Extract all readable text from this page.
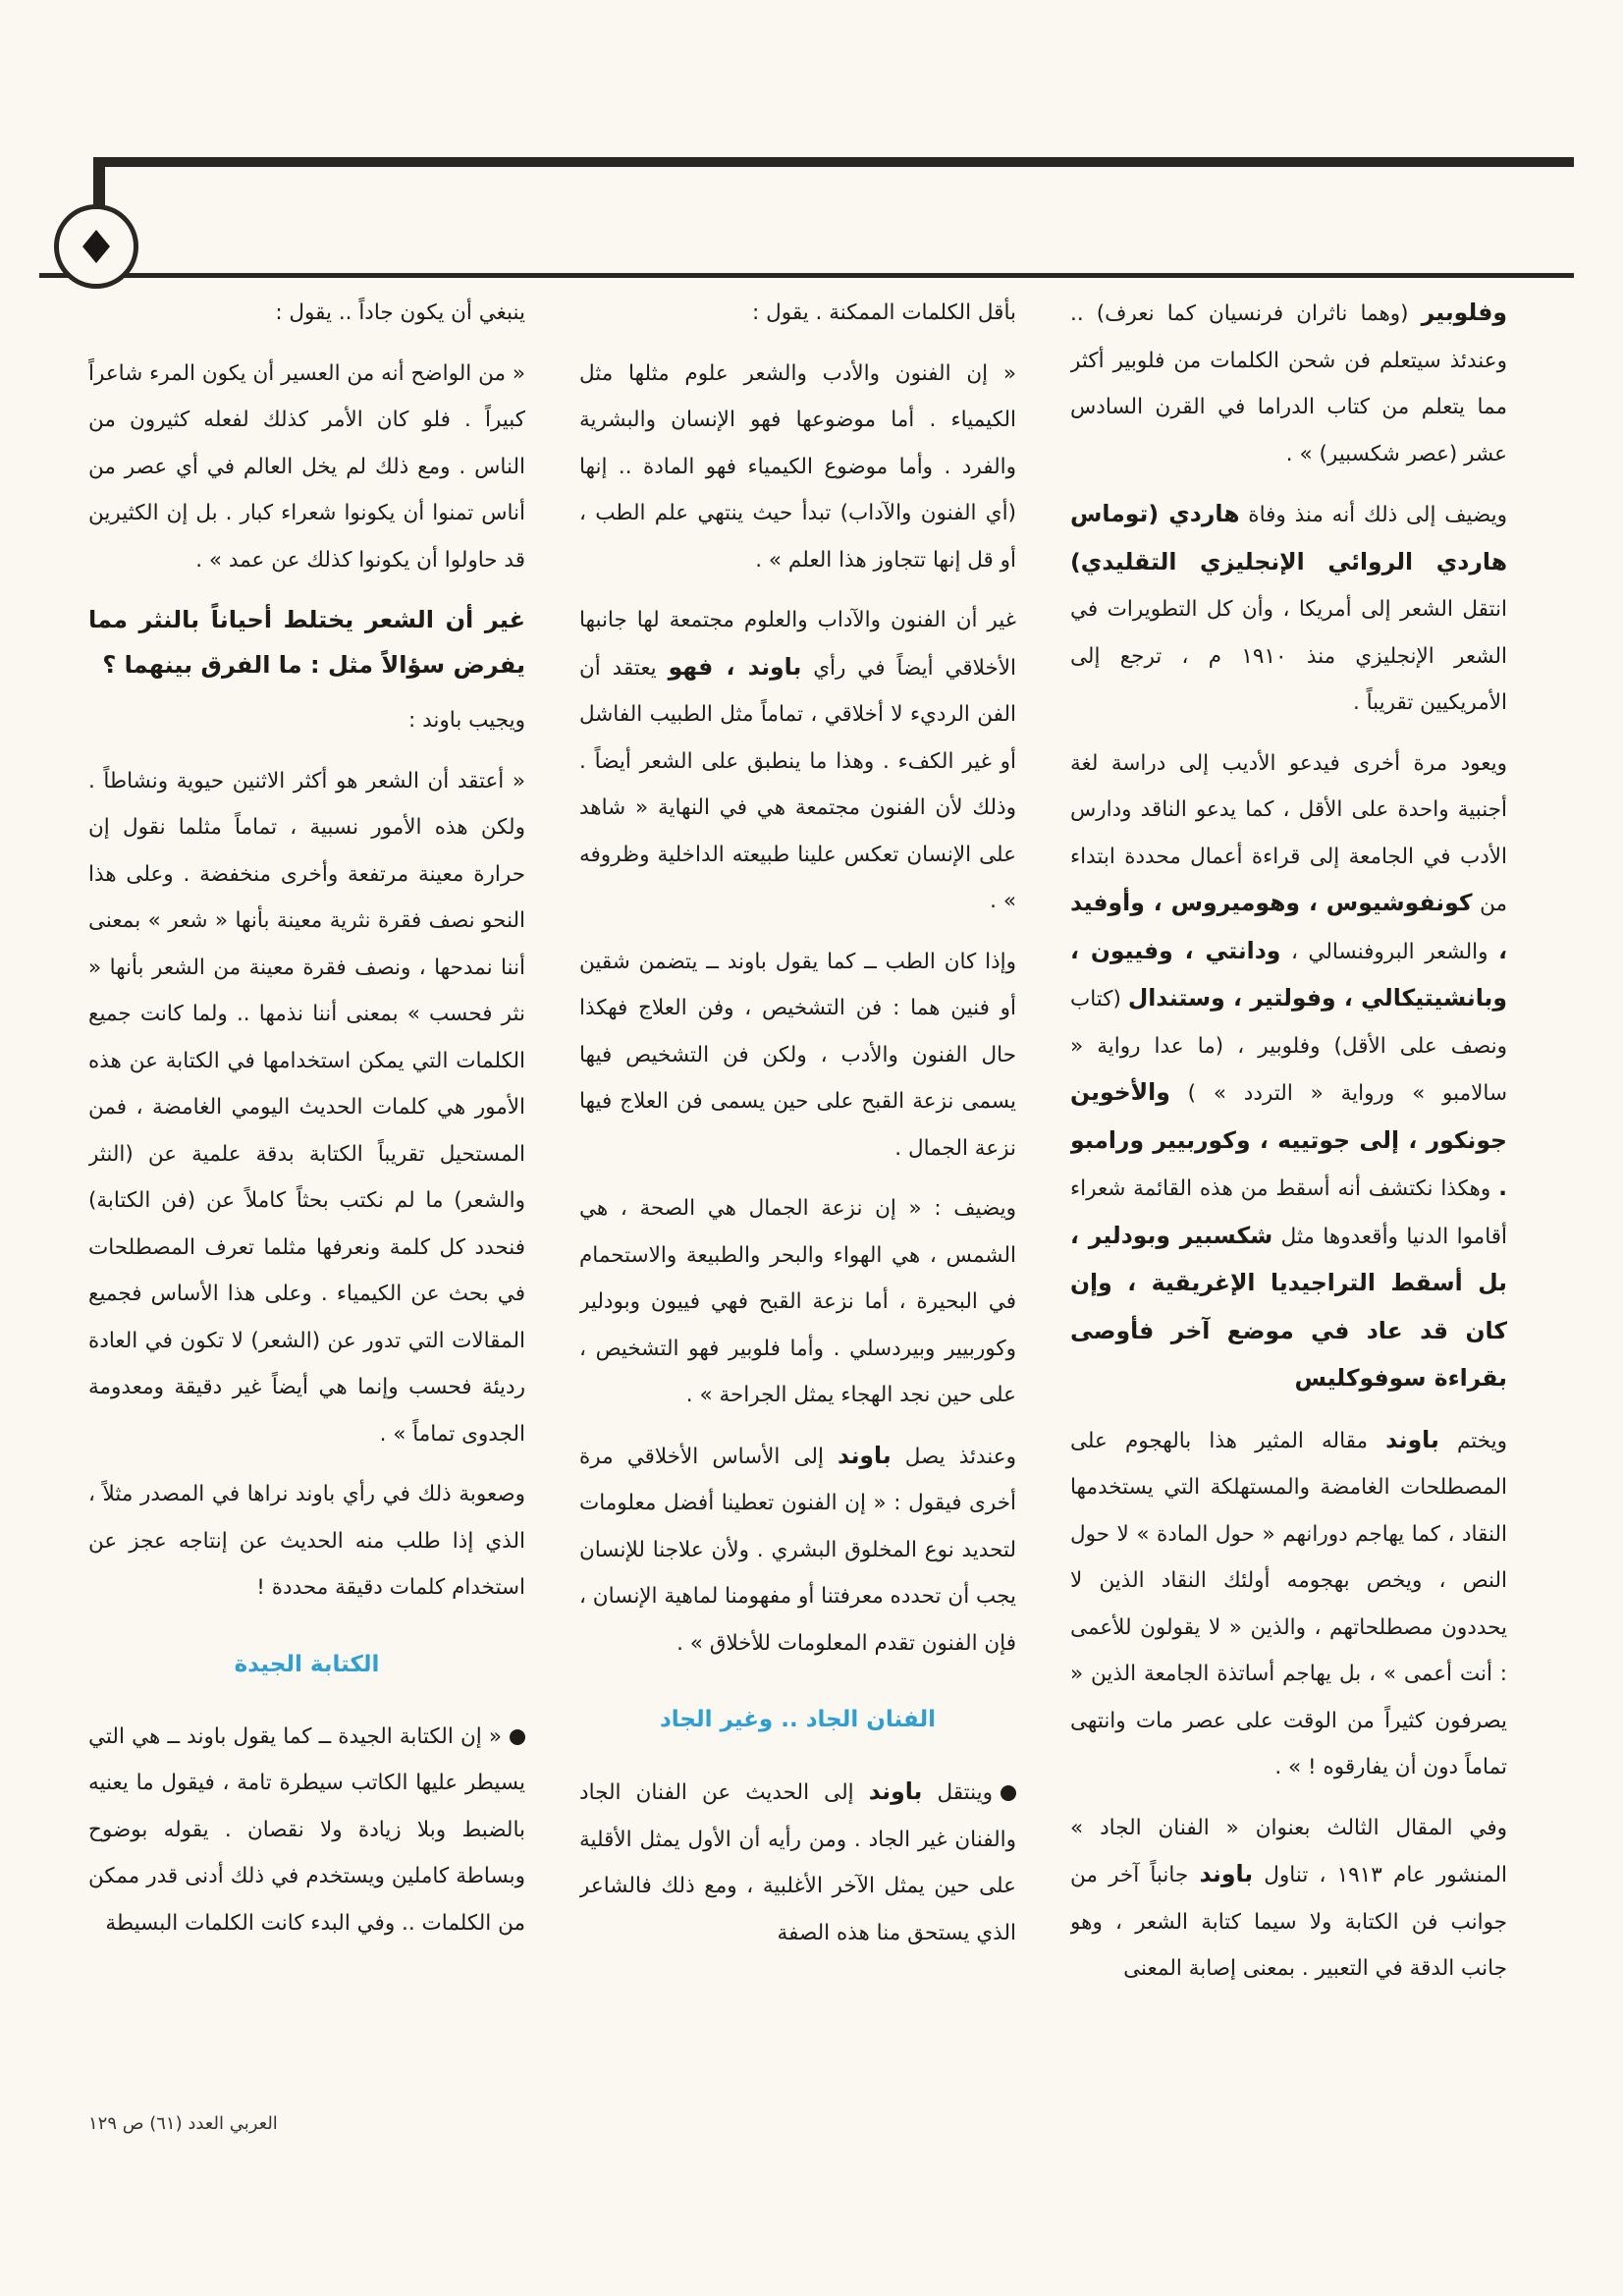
وفلوبير (وهما ناثران فرنسيان كما نعرف) .. وعندئذ سيتعلم فن شحن الكلمات من فلوبير أكثر مما يتعلم من كتاب الدراما في القرن السادس عشر (عصر شكسبير) » .

ويضيف إلى ذلك أنه منذ وفاة هاردي (توماس هاردي الروائي الإنجليزي التقليدي) انتقل الشعر إلى أمريكا ، وأن كل التطويرات في الشعر الإنجليزي منذ ١٩١٠ م ، ترجع إلى الأمريكيين تقريباً .

ويعود مرة أخرى فيدعو الأديب إلى دراسة لغة أجنبية واحدة على الأقل ، كما يدعو الناقد ودارس الأدب في الجامعة إلى قراءة أعمال محددة ابتداء من كونفوشيوس ، وهوميروس ، وأوفيد ، والشعر البروفنسالي ، ودانتي ، وفييون ، وبانشيتيكالي ، وفولتير ، وستندال (كتاب ونصف على الأقل) وفلوبير ، (ما عدا رواية « سالامبو » ورواية « التردد » ) والأخوين جونكور ، إلى جوتييه ، وكوربيير ورامبو . وهكذا نكتشف أنه أسقط من هذه القائمة شعراء أقاموا الدنيا وأقعدوها مثل شكسبير وبودلير ، بل أسقط التراجيديا الإغريقية ، وإن كان قد عاد في موضع آخر فأوصى بقراءة سوفوكليس

ويختم باوند مقاله المثير هذا بالهجوم على المصطلحات الغامضة والمستهلكة التي يستخدمها النقاد ، كما يهاجم دورانهم « حول المادة » لا حول النص ، ويخص بهجومه أولئك النقاد الذين لا يحددون مصطلحاتهم ، والذين « لا يقولون للأعمى : أنت أعمى » ، بل يهاجم أساتذة الجامعة الذين « يصرفون كثيراً من الوقت على عصر مات وانتهى تماماً دون أن يفارقوه ! » .

وفي المقال الثالث بعنوان « الفنان الجاد » المنشور عام ١٩١٣ ، تناول باوند جانباً آخر من جوانب فن الكتابة ولا سيما كتابة الشعر ، وهو جانب الدقة في التعبير . بمعنى إصابة المعنى

بأقل الكلمات الممكنة . يقول :

« إن الفنون والأدب والشعر علوم مثلها مثل الكيمياء . أما موضوعها فهو الإنسان والبشرية والفرد . وأما موضوع الكيمياء فهو المادة .. إنها (أي الفنون والآداب) تبدأ حيث ينتهي علم الطب ، أو قل إنها تتجاوز هذا العلم » .

غير أن الفنون والآداب والعلوم مجتمعة لها جانبها الأخلاقي أيضاً في رأي باوند ، فهو يعتقد أن الفن الرديء لا أخلاقي ، تماماً مثل الطبيب الفاشل أو غير الكفء . وهذا ما ينطبق على الشعر أيضاً . وذلك لأن الفنون مجتمعة هي في النهاية « شاهد على الإنسان تعكس علينا طبيعته الداخلية وظروفه » .

وإذا كان الطب ــ كما يقول باوند ــ يتضمن شقين أو فنين هما : فن التشخيص ، وفن العلاج فهكذا حال الفنون والأدب ، ولكن فن التشخيص فيها يسمى نزعة القبح على حين يسمى فن العلاج فيها نزعة الجمال .

ويضيف : « إن نزعة الجمال هي الصحة ، هي الشمس ، هي الهواء والبحر والطبيعة والاستحمام في البحيرة ، أما نزعة القبح فهي فييون وبودلير وكوربيير وبيردسلي . وأما فلوبير فهو التشخيص ، على حين نجد الهجاء يمثل الجراحة » .

وعندئذ يصل باوند إلى الأساس الأخلاقي مرة أخرى فيقول : « إن الفنون تعطينا أفضل معلومات لتحديد نوع المخلوق البشري . ولأن علاجنا للإنسان يجب أن تحدده معرفتنا أو مفهومنا لماهية الإنسان ، فإن الفنون تقدم المعلومات للأخلاق » .

الفنان الجاد .. وغير الجاد

وينتقل باوند إلى الحديث عن الفنان الجاد والفنان غير الجاد . ومن رأيه أن الأول يمثل الأقلية على حين يمثل الآخر الأغلبية ، ومع ذلك فالشاعر الذي يستحق منا هذه الصفة

ينبغي أن يكون جاداً .. يقول :

« من الواضح أنه من العسير أن يكون المرء شاعراً كبيراً . فلو كان الأمر كذلك لفعله كثيرون من الناس . ومع ذلك لم يخل العالم في أي عصر من أناس تمنوا أن يكونوا شعراء كبار . بل إن الكثيرين قد حاولوا أن يكونوا كذلك عن عمد » .

غير أن الشعر يختلط أحياناً بالنثر مما يفرض سؤالاً مثل : ما الفرق بينهما ؟

ويجيب باوند :

« أعتقد أن الشعر هو أكثر الاثنين حيوية ونشاطاً . ولكن هذه الأمور نسبية ، تماماً مثلما نقول إن حرارة معينة مرتفعة وأخرى منخفضة . وعلى هذا النحو نصف فقرة نثرية معينة بأنها « شعر » بمعنى أننا نمدحها ، ونصف فقرة معينة من الشعر بأنها « نثر فحسب » بمعنى أننا نذمها .. ولما كانت جميع الكلمات التي يمكن استخدامها في الكتابة عن هذه الأمور هي كلمات الحديث اليومي الغامضة ، فمن المستحيل تقريباً الكتابة بدقة علمية عن (النثر والشعر) ما لم نكتب بحثاً كاملاً عن (فن الكتابة) فنحدد كل كلمة ونعرفها مثلما تعرف المصطلحات في بحث عن الكيمياء . وعلى هذا الأساس فجميع المقالات التي تدور عن (الشعر) لا تكون في العادة رديئة فحسب وإنما هي أيضاً غير دقيقة ومعدومة الجدوى تماماً » .

وصعوبة ذلك في رأي باوند نراها في المصدر مثلاً ، الذي إذا طلب منه الحديث عن إنتاجه عجز عن استخدام كلمات دقيقة محددة !

الكتابة الجيدة

« إن الكتابة الجيدة ــ كما يقول باوند ــ هي التي يسيطر عليها الكاتب سيطرة تامة ، فيقول ما يعنيه بالضبط وبلا زيادة ولا نقصان . يقوله بوضوح وبساطة كاملين ويستخدم في ذلك أدنى قدر ممكن من الكلمات .. وفي البدء كانت الكلمات البسيطة

العربي العدد (٦١) ص ١٢٩
